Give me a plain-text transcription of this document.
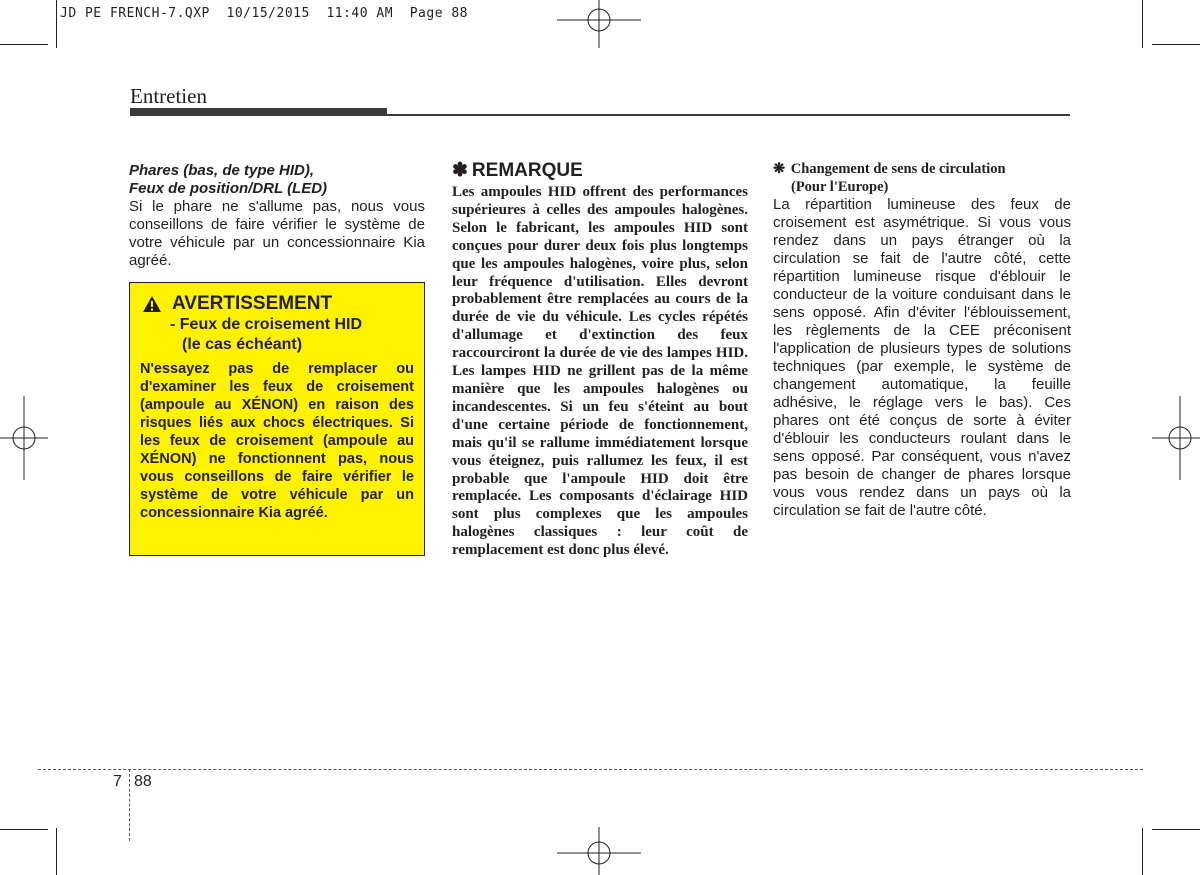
JD PE FRENCH-7.QXP  10/15/2015  11:40 AM  Page 88
Entretien
Phares (bas, de type HID),
Feux de position/DRL (LED)

Si le phare ne s'allume pas, nous vous conseillons de faire vérifier le système de votre véhicule par un concessionnaire Kia agréé.

AVERTISSEMENT
- Feux de croisement HID
(le cas échéant)
N'essayez pas de remplacer ou d'examiner les feux de croisement (ampoule au XÉNON) en raison des risques liés aux chocs électriques. Si les feux de croisement (ampoule au XÉNON) ne fonctionnent pas, nous vous conseillons de faire vérifier le système de votre véhicule par un concessionnaire Kia agréé.
✽ REMARQUE

Les ampoules HID offrent des performances supérieures à celles des ampoules halogènes. Selon le fabricant, les ampoules HID sont conçues pour durer deux fois plus longtemps que les ampoules halogènes, voire plus, selon leur fréquence d'utilisation. Elles devront probablement être remplacées au cours de la durée de vie du véhicule. Les cycles répétés d'allumage et d'extinction des feux raccourciront la durée de vie des lampes HID. Les lampes HID ne grillent pas de la même manière que les ampoules halogènes ou incandescentes. Si un feu s'éteint au bout d'une certaine période de fonctionnement, mais qu'il se rallume immédiatement lorsque vous éteignez, puis rallumez les feux, il est probable que l'ampoule HID doit être remplacée. Les composants d'éclairage HID sont plus complexes que les ampoules halogènes classiques : leur coût de remplacement est donc plus élevé.

❋ Changement de sens de circulation
(Pour l'Europe)

La répartition lumineuse des feux de croisement est asymétrique. Si vous vous rendez dans un pays étranger où la circulation se fait de l'autre côté, cette répartition lumineuse risque d'éblouir le conducteur de la voiture conduisant dans le sens opposé. Afin d'éviter l'éblouissement, les règlements de la CEE préconisent l'application de plusieurs types de solutions techniques (par exemple, le système de changement automatique, la feuille adhésive, le réglage vers le bas). Ces phares ont été conçus de sorte à éviter d'éblouir les conducteurs roulant dans le sens opposé. Par conséquent, vous n'avez pas besoin de changer de phares lorsque vous vous rendez dans un pays où la circulation se fait de l'autre côté.

7 88
